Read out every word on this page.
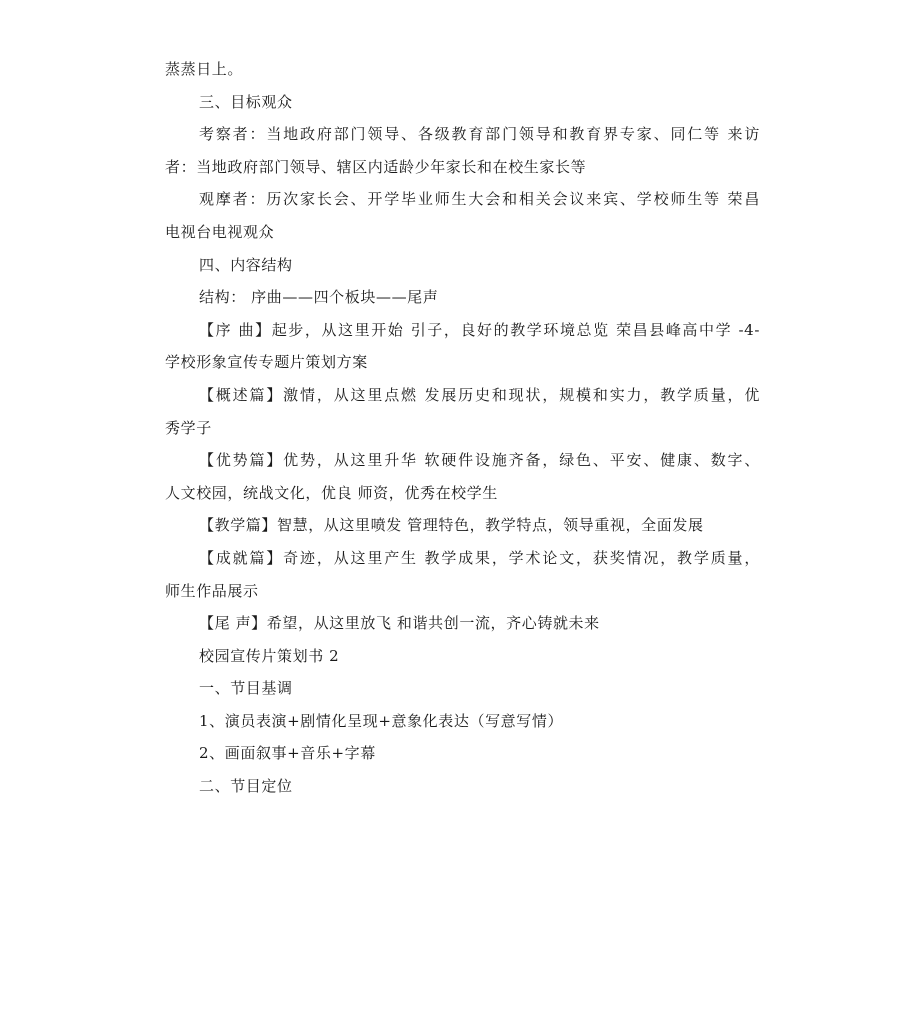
蒸蒸日上。
三、目标观众
考察者：当地政府部门领导、各级教育部门领导和教育界专家、同仁等 来访
者：当地政府部门领导、辖区内适龄少年家长和在校生家长等
观摩者：历次家长会、开学毕业师生大会和相关会议来宾、学校师生等 荣昌
电视台电视观众
四、内容结构
结构： 序曲——四个板块——尾声
【序 曲】起步，从这里开始 引子，良好的教学环境总览 荣昌县峰高中学 -4-
学校形象宣传专题片策划方案
【概述篇】激情，从这里点燃 发展历史和现状，规模和实力，教学质量，优
秀学子
【优势篇】优势，从这里升华 软硬件设施齐备，绿色、平安、健康、数字、
人文校园，统战文化，优良 师资，优秀在校学生
【教学篇】智慧，从这里喷发 管理特色，教学特点，领导重视，全面发展
【成就篇】奇迹，从这里产生 教学成果，学术论文，获奖情况，教学质量，
师生作品展示
【尾 声】希望，从这里放飞 和谐共创一流，齐心铸就未来
校园宣传片策划书 2
一、节目基调
1、演员表演+剧情化呈现+意象化表达（写意写情）
2、画面叙事+音乐+字幕
二、节目定位
